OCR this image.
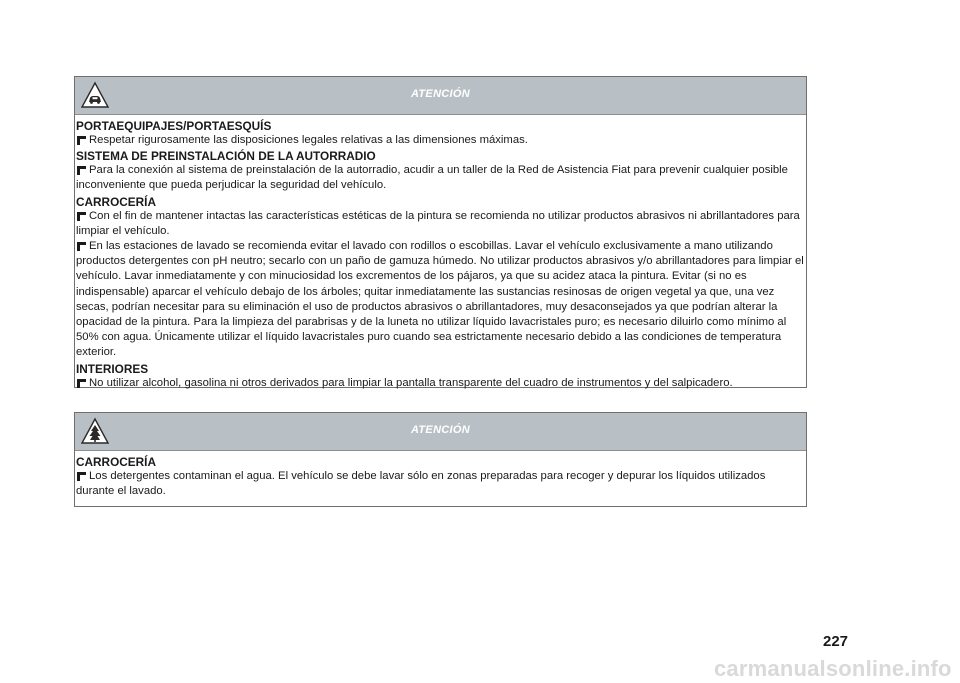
ATENCIÓN
PORTAEQUIPAJES/PORTAESQUÍS
Respetar rigurosamente las disposiciones legales relativas a las dimensiones máximas.
SISTEMA DE PREINSTALACIÓN DE LA AUTORRADIO
Para la conexión al sistema de preinstalación de la autorradio, acudir a un taller de la Red de Asistencia Fiat para prevenir cualquier posible inconveniente que pueda perjudicar la seguridad del vehículo.
CARROCERÍA
Con el fin de mantener intactas las características estéticas de la pintura se recomienda no utilizar productos abrasivos ni abrillantadores para limpiar el vehículo.
En las estaciones de lavado se recomienda evitar el lavado con rodillos o escobillas. Lavar el vehículo exclusivamente a mano utilizando productos detergentes con pH neutro; secarlo con un paño de gamuza húmedo. No utilizar productos abrasivos y/o abrillantadores para limpiar el vehículo. Lavar inmediatamente y con minuciosidad los excrementos de los pájaros, ya que su acidez ataca la pintura. Evitar (si no es indispensable) aparcar el vehículo debajo de los árboles; quitar inmediatamente las sustancias resinosas de origen vegetal ya que, una vez secas, podrían necesitar para su eliminación el uso de productos abrasivos o abrillantadores, muy desaconsejados ya que podrían alterar la opacidad de la pintura. Para la limpieza del parabrisas y de la luneta no utilizar líquido lavacristales puro; es necesario diluirlo como mínimo al 50% con agua. Únicamente utilizar el líquido lavacristales puro cuando sea estrictamente necesario debido a las condiciones de temperatura exterior.
INTERIORES
No utilizar alcohol, gasolina ni otros derivados para limpiar la pantalla transparente del cuadro de instrumentos y del salpicadero.
ATENCIÓN
CARROCERÍA
Los detergentes contaminan el agua. El vehículo se debe lavar sólo en zonas preparadas para recoger y depurar los líquidos utilizados durante el lavado.
227
carmanualsonline.info
